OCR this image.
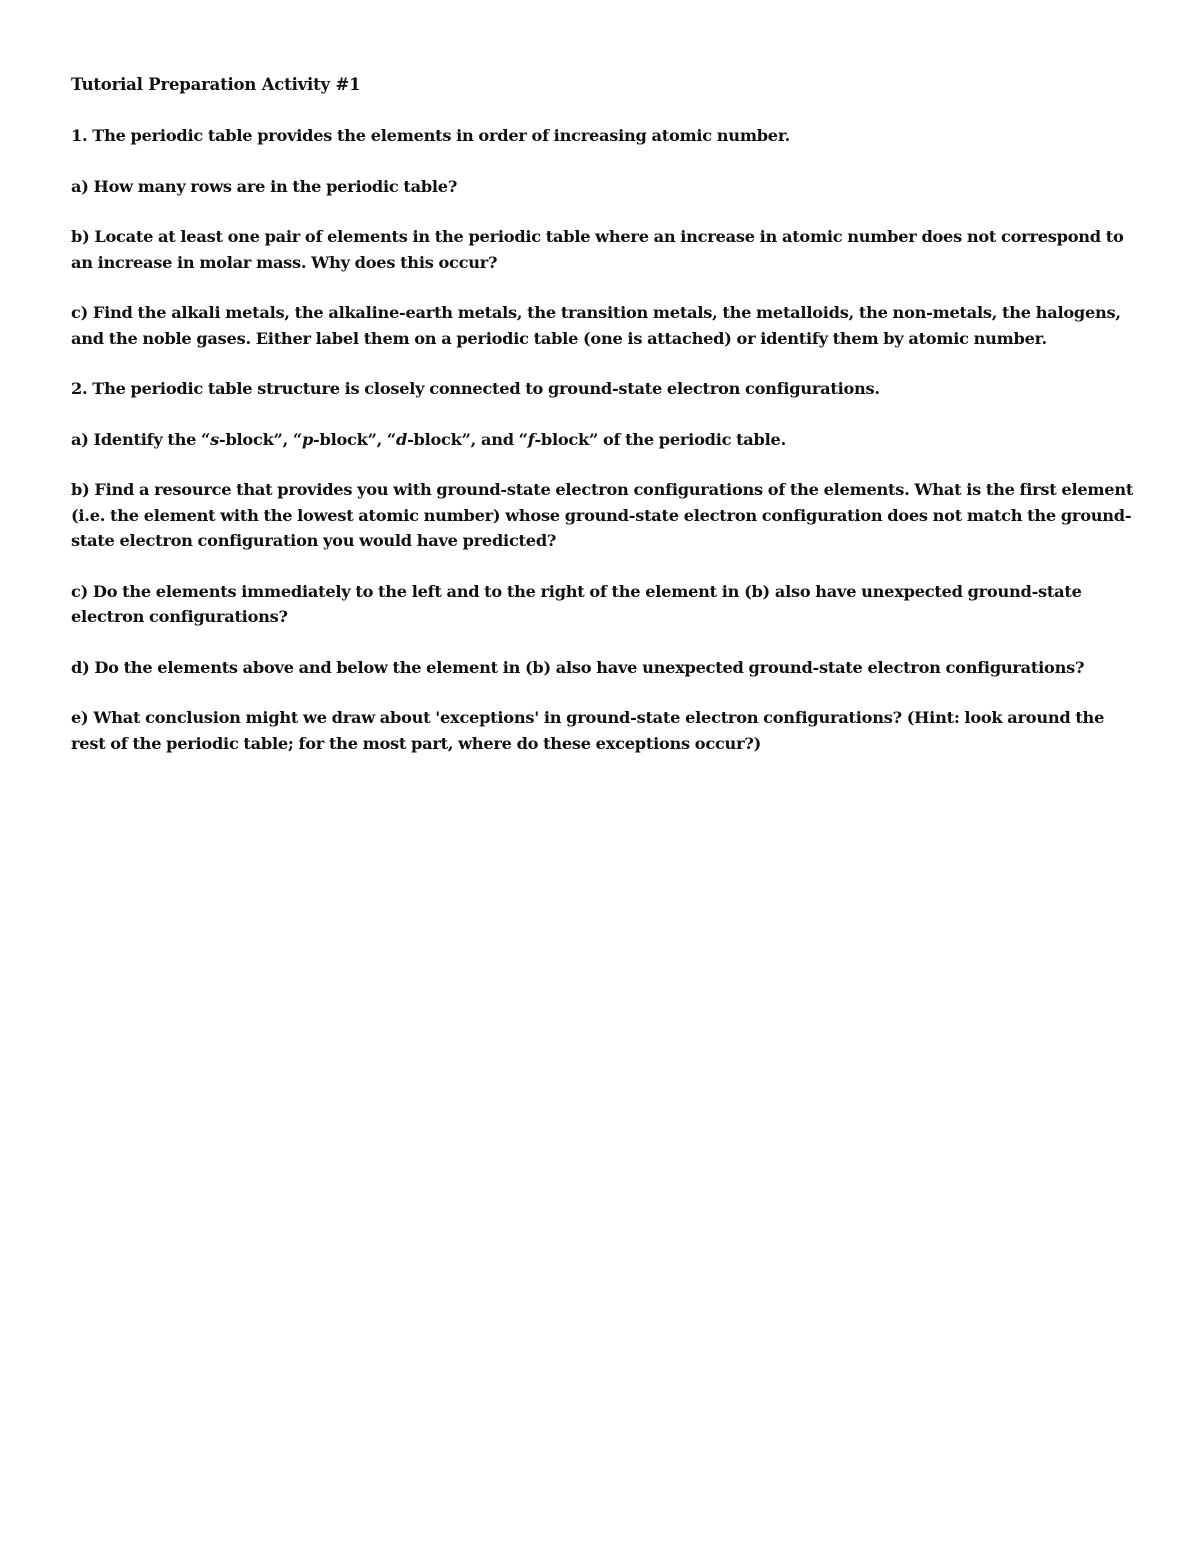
Tutorial Preparation Activity #1

1. The periodic table provides the elements in order of increasing atomic number.

a) How many rows are in the periodic table?

b) Locate at least one pair of elements in the periodic table where an increase in atomic number does not correspond to an increase in molar mass. Why does this occur?

c) Find the alkali metals, the alkaline-earth metals, the transition metals, the metalloids, the non-metals, the halogens, and the noble gases. Either label them on a periodic table (one is attached) or identify them by atomic number.

2. The periodic table structure is closely connected to ground-state electron configurations.

a) Identify the “s-block”, “p-block”, “d-block”, and “f-block” of the periodic table.

b) Find a resource that provides you with ground-state electron configurations of the elements. What is the first element (i.e. the element with the lowest atomic number) whose ground-state electron configuration does not match the ground-state electron configuration you would have predicted?

c) Do the elements immediately to the left and to the right of the element in (b) also have unexpected ground-state electron configurations?

d) Do the elements above and below the element in (b) also have unexpected ground-state electron configurations?

e) What conclusion might we draw about 'exceptions' in ground-state electron configurations? (Hint: look around the rest of the periodic table; for the most part, where do these exceptions occur?)
